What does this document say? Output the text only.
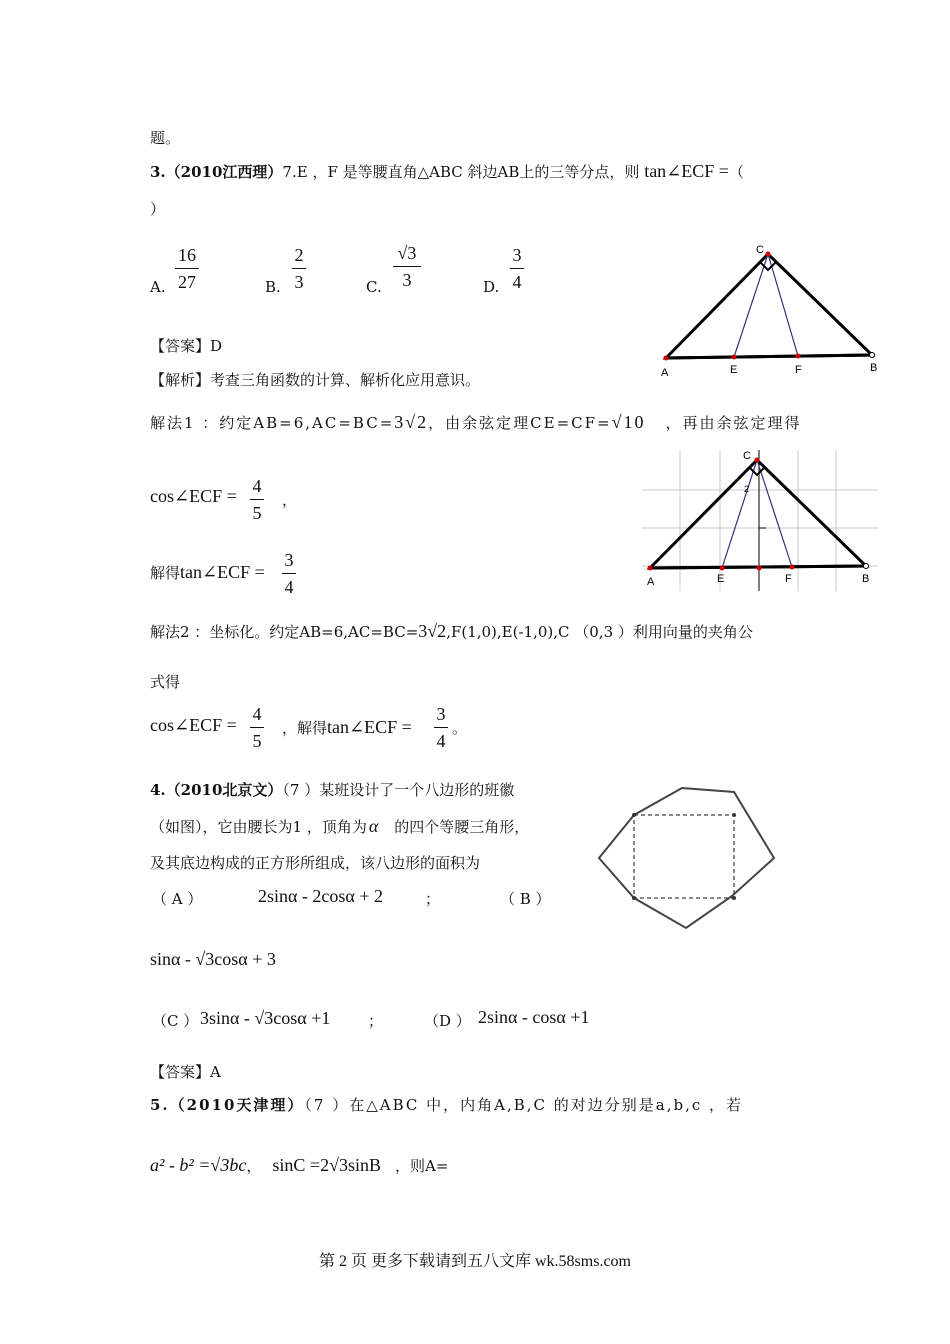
题。
3.（2010江西理）7.E ，F 是等腰直角△ABC 斜边AB上的三等分点，则 tan∠ECF =（
）
A.
16
27	B.
2
3	C.
√3
3	D.
3
4
C
A	E	F	B
【答案】D
【解析】考查三角函数的计算、解析化应用意识。
解法1 ：约定AB=6,AC=BC=3√2，由余弦定理CE=CF=√10 ，再由余弦定理得
cos∠ECF = 4
5
，
C
2
A	E	F	B
解得tan∠ECF =
3
4
解法2 ：坐标化。约定AB=6,AC=BC=3√2,F(1,0),E(-1,0),C （0,3 ）利用向量的夹角公
式得
cos∠ECF =
4
5
，解得tan∠ECF =
3
4
。
4.（2010北京文）（7 ）某班设计了一个八边形的班徽
（如图），它由腰长为1 ，顶角为 α 的四个等腰三角形，
及其底边构成的正方形所组成，该八边形的面积为
（ A ）	2sinα - 2cosα + 2	；	（ B ）
sinα - √3cosα + 3
（C ） 3sinα - √3cosα +1	；	（D ） 2sinα - cosα +1
【答案】A
5.（2010天津理）（7 ）在△ABC 中，内角A,B,C 的对边分别是a,b,c ，若
a² - b² =√3bc， sinC =2√3sinB ，则A=
第 2 页 更多下载请到五八文库 wk.58sms.com
